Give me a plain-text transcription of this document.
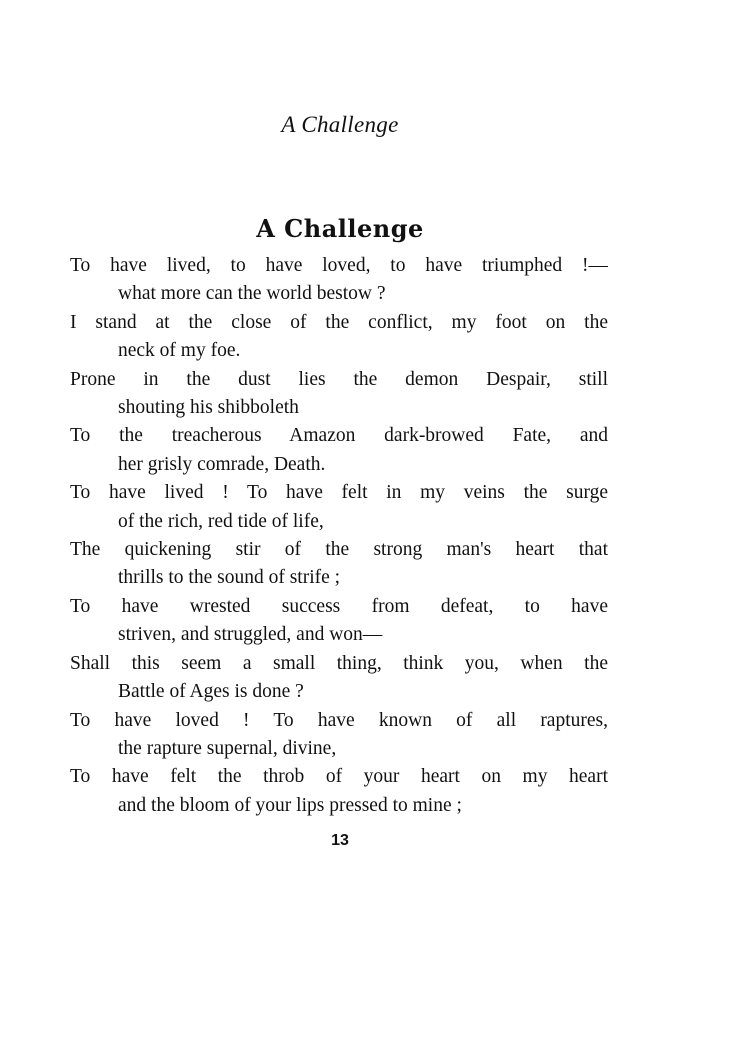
A Challenge
A Challenge
To have lived, to have loved, to have triumphed !—
what more can the world bestow ?
I stand at the close of the conflict, my foot on the
neck of my foe.
Prone in the dust lies the demon Despair, still
shouting his shibboleth
To the treacherous Amazon dark-browed Fate, and
her grisly comrade, Death.
To have lived ! To have felt in my veins the surge
of the rich, red tide of life,
The quickening stir of the strong man's heart that
thrills to the sound of strife ;
To have wrested success from defeat, to have
striven, and struggled, and won—
Shall this seem a small thing, think you, when the
Battle of Ages is done ?
To have loved ! To have known of all raptures,
the rapture supernal, divine,
To have felt the throb of your heart on my heart
and the bloom of your lips pressed to mine ;
13
